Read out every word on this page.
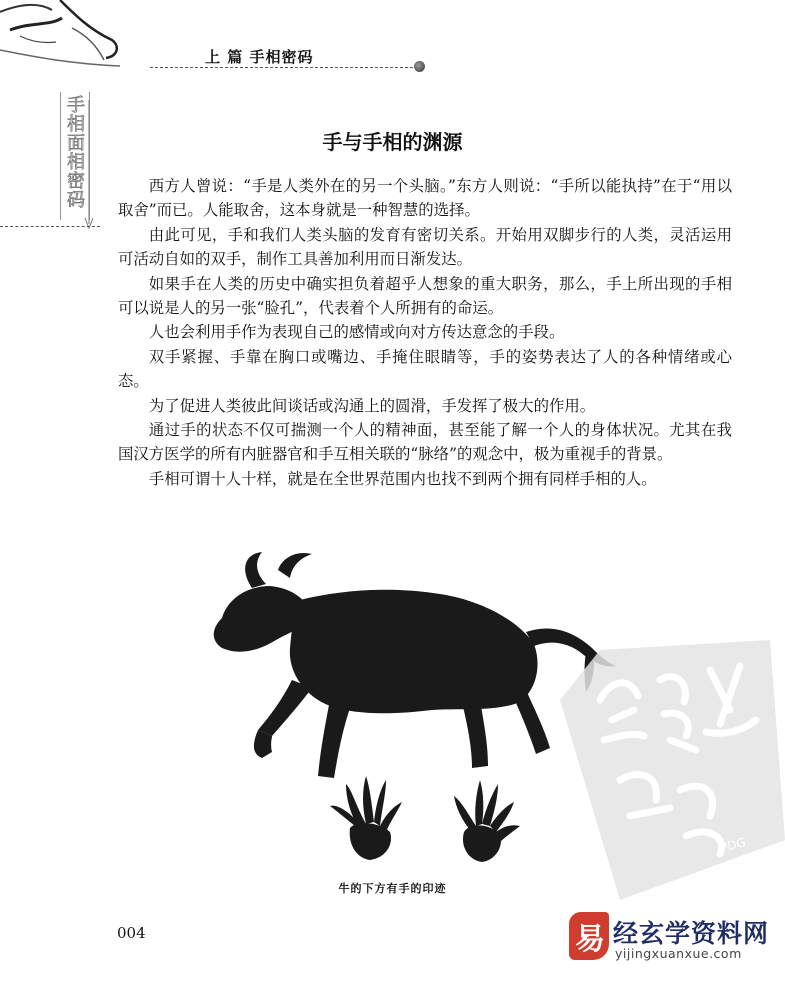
上 篇 手相密码
手相面相密码	手与手相的渊源

西方人曾说：“手是人类外在的另一个头脑。”东方人则说：“手所以能执持”在于“用以取舍”而已。人能取舍，这本身就是一种智慧的选择。

由此可见，手和我们人类头脑的发育有密切关系。开始用双脚步行的人类，灵活运用可活动自如的双手，制作工具善加利用而日渐发达。

如果手在人类的历史中确实担负着超乎人想象的重大职务，那么，手上所出现的手相可以说是人的另一张“脸孔”，代表着个人所拥有的命运。

人也会利用手作为表现自己的感情或向对方传达意念的手段。

双手紧握、手靠在胸口或嘴边、手掩住眼睛等，手的姿势表达了人的各种情绪或心态。

为了促进人类彼此间谈话或沟通上的圆滑，手发挥了极大的作用。

通过手的状态不仅可揣测一个人的精神面，甚至能了解一个人的身体状况。尤其在我国汉方医学的所有内脏器官和手互相关联的“脉络”的观念中，极为重视手的背景。

手相可谓十人十样，就是在全世界范围内也找不到两个拥有同样手相的人。

牛的下方有手的印迹
004
PDG
易 经玄学资料网
yijingxuanxue.com
